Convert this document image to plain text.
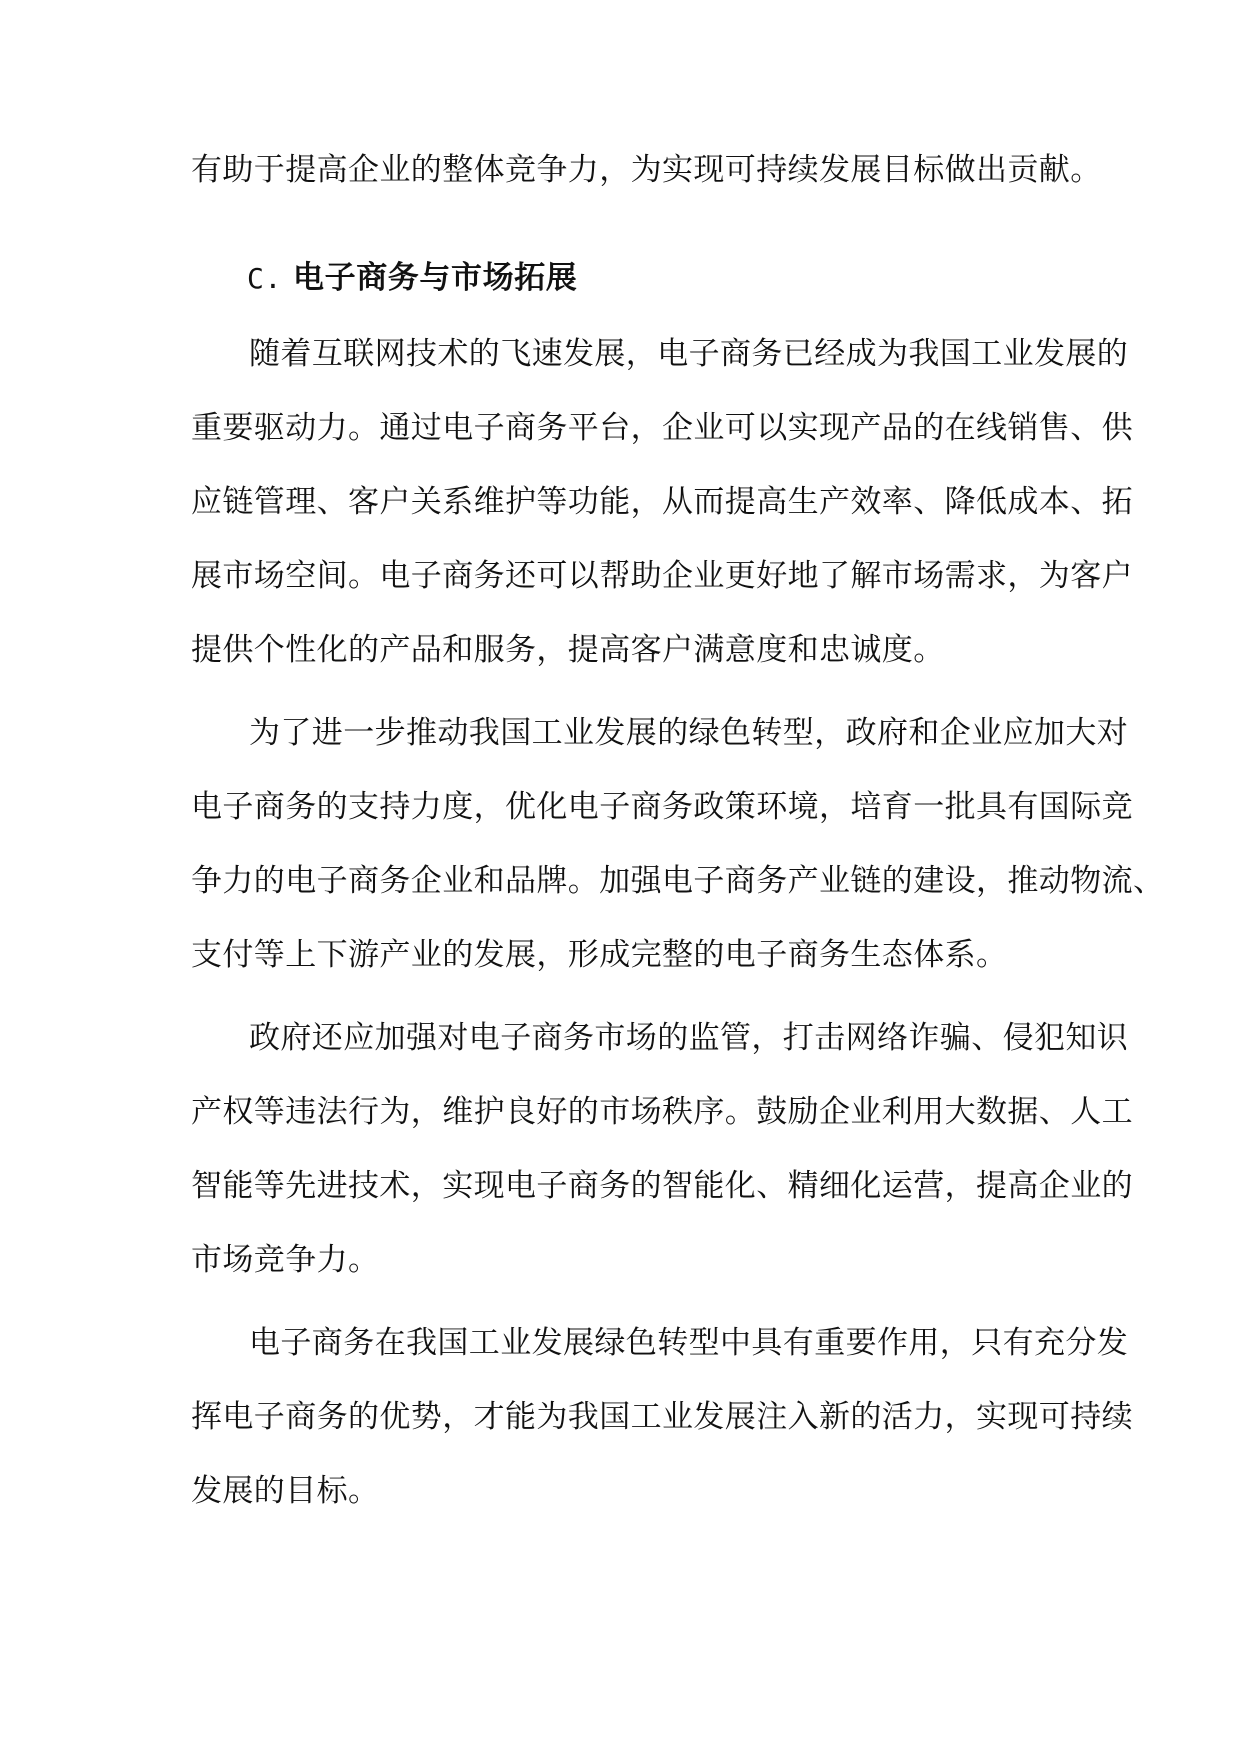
有助于提高企业的整体竞争力，为实现可持续发展目标做出贡献。
C. 电子商务与市场拓展
随着互联网技术的飞速发展，电子商务已经成为我国工业发展的
重要驱动力。通过电子商务平台，企业可以实现产品的在线销售、供
应链管理、客户关系维护等功能，从而提高生产效率、降低成本、拓
展市场空间。电子商务还可以帮助企业更好地了解市场需求，为客户
提供个性化的产品和服务，提高客户满意度和忠诚度。
为了进一步推动我国工业发展的绿色转型，政府和企业应加大对
电子商务的支持力度，优化电子商务政策环境，培育一批具有国际竞
争力的电子商务企业和品牌。加强电子商务产业链的建设，推动物流、
支付等上下游产业的发展，形成完整的电子商务生态体系。
政府还应加强对电子商务市场的监管，打击网络诈骗、侵犯知识
产权等违法行为，维护良好的市场秩序。鼓励企业利用大数据、人工
智能等先进技术，实现电子商务的智能化、精细化运营，提高企业的
市场竞争力。
电子商务在我国工业发展绿色转型中具有重要作用，只有充分发
挥电子商务的优势，才能为我国工业发展注入新的活力，实现可持续
发展的目标。
